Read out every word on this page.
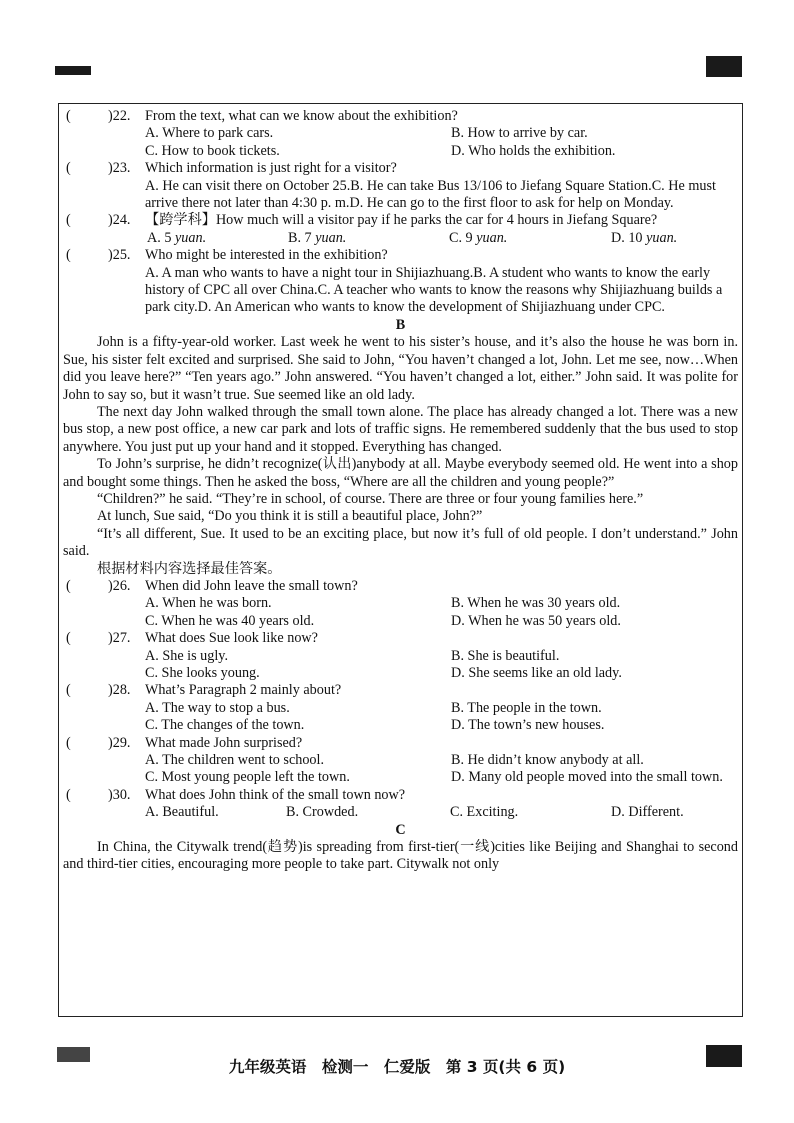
(	)22. From the text, what can we know about the exhibition?
A. Where to park cars.	B. How to arrive by car.
C. How to book tickets.	D. Who holds the exhibition.
(	)23. Which information is just right for a visitor?
A. He can visit there on October 25.B. He can take Bus 13/106 to Jiefang Square Station.C. He must arrive there not later than 4:30 p. m.D. He can go to the first floor to ask for help on Monday.
(	)24. 【跨学科】How much will a visitor pay if he parks the car for 4 hours in Jiefang Square?
A. 5 yuan.	B. 7 yuan.	C. 9 yuan.	D. 10 yuan.
(	)25. Who might be interested in the exhibition?
A. A man who wants to have a night tour in Shijiazhuang.B. A student who wants to know the early history of CPC all over China.C. A teacher who wants to know the reasons why Shijiazhuang builds a park city.D. An American who wants to know the development of Shijiazhuang under CPC.
B
John is a fifty-year-old worker. Last week he went to his sister’s house, and it’s also the house he was born in. Sue, his sister felt excited and surprised. She said to John, “You haven’t changed a lot, John. Let me see, now…When did you leave here?” “Ten years ago.” John answered. “You haven’t changed a lot, either.” John said. It was polite for John to say so, but it wasn’t true. Sue seemed like an old lady.
The next day John walked through the small town alone. The place has already changed a lot. There was a new bus stop, a new post office, a new car park and lots of traffic signs. He remembered suddenly that the bus used to stop anywhere. You just put up your hand and it stopped. Everything has changed.
To John’s surprise, he didn’t recognize(认出)anybody at all. Maybe everybody seemed old. He went into a shop and bought some things. Then he asked the boss, “Where are all the children and young people?”
“Children?” he said. “They’re in school, of course. There are three or four young families here.”
At lunch, Sue said, “Do you think it is still a beautiful place, John?”
“It’s all different, Sue. It used to be an exciting place, but now it’s full of old people. I don’t understand.” John said.
根据材料内容选择最佳答案。
(	)26. When did John leave the small town?
A. When he was born.	B. When he was 30 years old.
C. When he was 40 years old.	D. When he was 50 years old.
(	)27. What does Sue look like now?
A. She is ugly.	B. She is beautiful.
C. She looks young.	D. She seems like an old lady.
(	)28. What’s Paragraph 2 mainly about?
A. The way to stop a bus.	B. The people in the town.
C. The changes of the town.	D. The town’s new houses.
(	)29. What made John surprised?
A. The children went to school.	B. He didn’t know anybody at all.
C. Most young people left the town.	D. Many old people moved into the small town.
(	)30. What does John think of the small town now?
A. Beautiful.	B. Crowded.	C. Exciting.	D. Different.
C
In China, the Citywalk trend(趋势)is spreading from first-tier(一线)cities like Beijing and Shanghai to second and third-tier cities, encouraging more people to take part. Citywalk not only
九年级英语　检测一　仁爱版　第 3 页(共 6 页)
